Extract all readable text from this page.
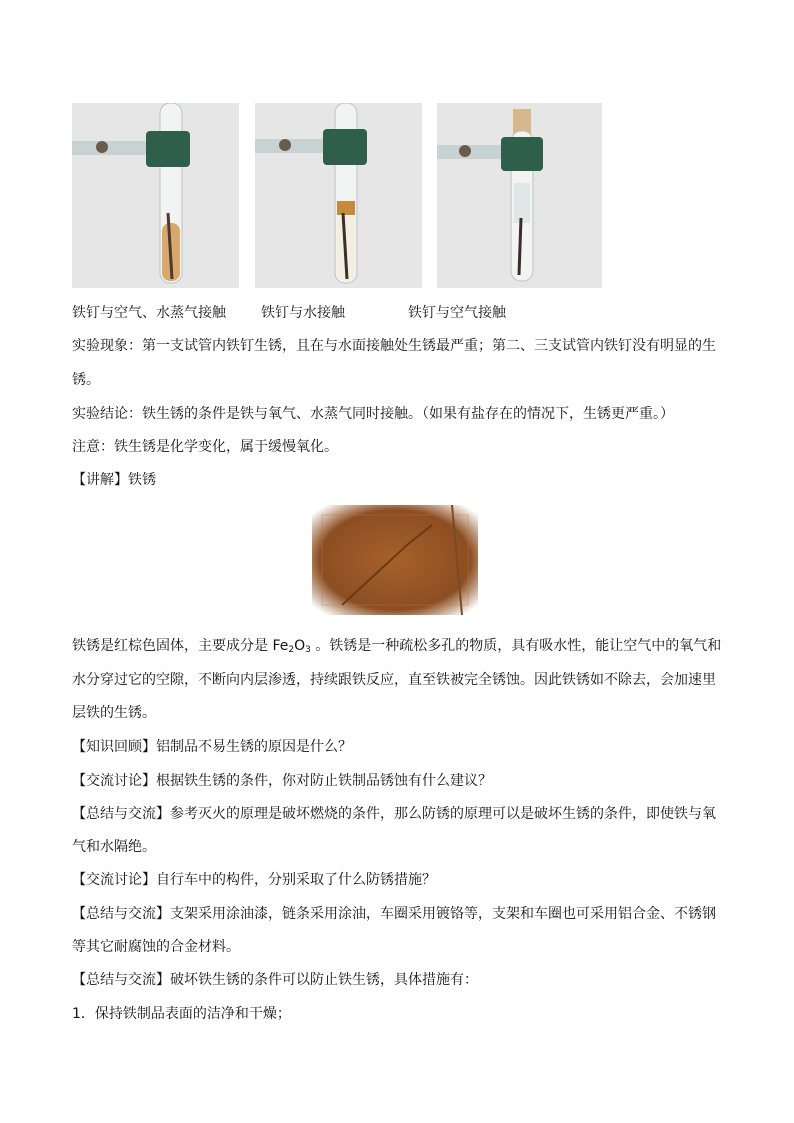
铁钉与空气、水蒸气接触	铁钉与水接触	铁钉与空气接触
实验现象：第一支试管内铁钉生锈，且在与水面接触处生锈最严重；第二、三支试管内铁钉没有明显的生
锈。
实验结论：铁生锈的条件是铁与氧气、水蒸气同时接触。（如果有盐存在的情况下，生锈更严重。）
注意：铁生锈是化学变化，属于缓慢氧化。
【讲解】铁锈
铁锈是红棕色固体，主要成分是 $Fe_2O_3$ 。铁锈是一种疏松多孔的物质，具有吸水性，能让空气中的氧气和
水分穿过它的空隙，不断向内层渗透，持续跟铁反应，直至铁被完全锈蚀。因此铁锈如不除去，会加速里
层铁的生锈。
【知识回顾】铝制品不易生锈的原因是什么？
【交流讨论】根据铁生锈的条件，你对防止铁制品锈蚀有什么建议？
【总结与交流】参考灭火的原理是破坏燃烧的条件，那么防锈的原理可以是破坏生锈的条件，即使铁与氧
气和水隔绝。
【交流讨论】自行车中的构件，分别采取了什么防锈措施？
【总结与交流】支架采用涂油漆，链条采用涂油，车圈采用镀铬等，支架和车圈也可采用铝合金、不锈钢
等其它耐腐蚀的合金材料。
【总结与交流】破坏铁生锈的条件可以防止铁生锈，具体措施有：
1．保持铁制品表面的洁净和干燥；
